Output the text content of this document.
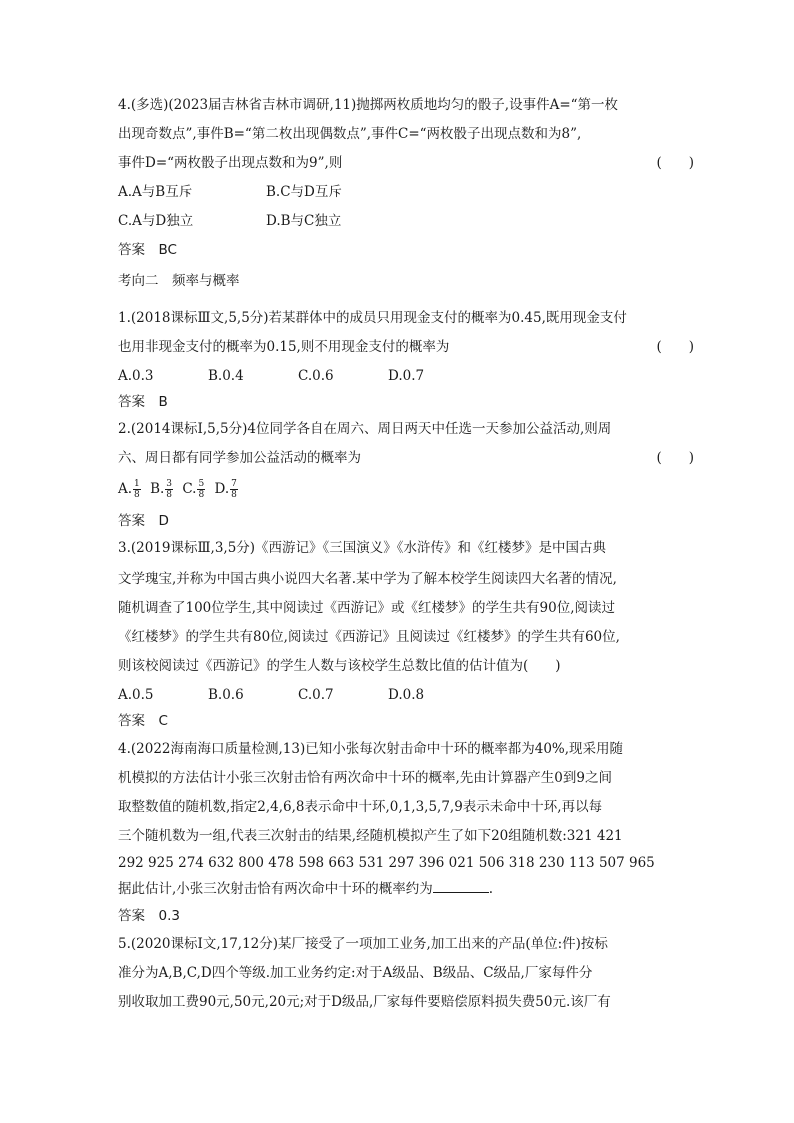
4.(多选)(2023届吉林省吉林市调研,11)抛掷两枚质地均匀的骰子,设事件A=“第一枚
出现奇数点”,事件B=“第二枚出现偶数点”,事件C=“两枚骰子出现点数和为8”,
事件D=“两枚骰子出现点数和为9”,则	(　　)
A.A与B互斥	B.C与D互斥
C.A与D独立	D.B与C独立
答案　BC
考向二　频率与概率
1.(2018课标Ⅲ文,5,5分)若某群体中的成员只用现金支付的概率为0.45,既用现金支付
也用非现金支付的概率为0.15,则不用现金支付的概率为	(　　)
A.0.3	B.0.4	C.0.6	D.0.7
答案　B
2.(2014课标Ⅰ,5,5分)4位同学各自在周六、周日两天中任选一天参加公益活动,则周
六、周日都有同学参加公益活动的概率为	(　　)
A. $\frac{1}{8} B$. $\frac{3}{8} C$. $\frac{5}{8} D$. $\frac{7}{8}$
答案　D
3.(2019课标Ⅲ,3,5分)《西游记》《三国演义》《水浒传》和《红楼梦》是中国古典
文学瑰宝,并称为中国古典小说四大名著.某中学为了解本校学生阅读四大名著的情况,
随机调查了100位学生,其中阅读过《西游记》或《红楼梦》的学生共有90位,阅读过
《红楼梦》的学生共有80位,阅读过《西游记》且阅读过《红楼梦》的学生共有60位,
则该校阅读过《西游记》的学生人数与该校学生总数比值的估计值为(　　)
A.0.5	B.0.6	C.0.7	D.0.8
答案　C
4.(2022海南海口质量检测,13)已知小张每次射击命中十环的概率都为40%,现采用随
机模拟的方法估计小张三次射击恰有两次命中十环的概率,先由计算器产生0到9之间
取整数值的随机数,指定2,4,6,8表示命中十环,0,1,3,5,7,9表示未命中十环,再以每
三个随机数为一组,代表三次射击的结果,经随机模拟产生了如下20组随机数:321 421
292 925 274 632 800 478 598 663 531 297 396 021 506 318 230 113 507 965
据此估计,小张三次射击恰有两次命中十环的概率约为	.
答案　0.3
5.(2020课标Ⅰ文,17,12分)某厂接受了一项加工业务,加工出来的产品(单位:件)按标
准分为A,B,C,D四个等级.加工业务约定:对于A级品、B级品、C级品,厂家每件分
别收取加工费90元,50元,20元;对于D级品,厂家每件要赔偿原料损失费50元.该厂有
